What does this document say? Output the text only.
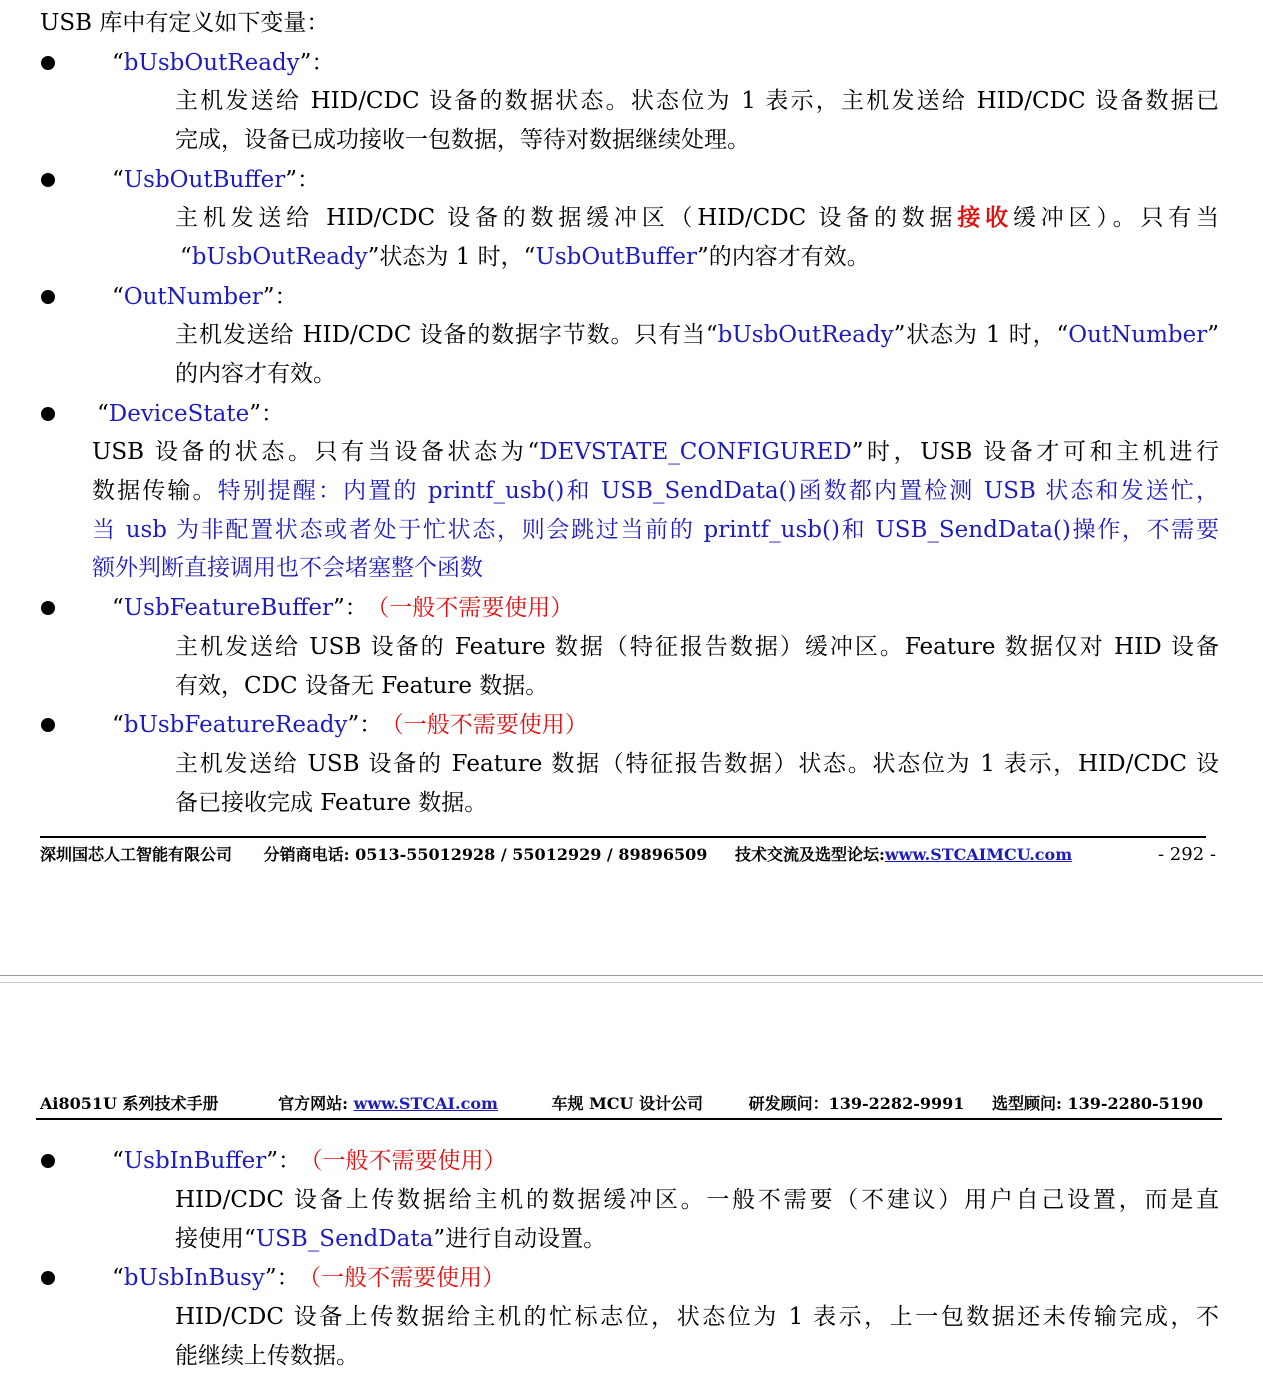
USB 库中有定义如下变量：
“bUsbOutReady”：
主机发送给 HID/CDC 设备的数据状态。状态位为 1 表示，主机发送给 HID/CDC 设备数据已
完成，设备已成功接收一包数据，等待对数据继续处理。
“UsbOutBuffer”：
主机发送给 HID/CDC 设备的数据缓冲区（HID/CDC 设备的数据接收缓冲区）。只有当
“bUsbOutReady”状态为 1 时，“UsbOutBuffer”的内容才有效。
“OutNumber”：
主机发送给 HID/CDC 设备的数据字节数。只有当“bUsbOutReady”状态为 1 时，“OutNumber”
的内容才有效。
“DeviceState”：
USB 设备的状态。只有当设备状态为“DEVSTATE_CONFIGURED”时，USB 设备才可和主机进行
数据传输。特别提醒：内置的 printf_usb()和 USB_SendData()函数都内置检测 USB 状态和发送忙，
当 usb 为非配置状态或者处于忙状态，则会跳过当前的 printf_usb()和 USB_SendData()操作，不需要
额外判断直接调用也不会堵塞整个函数
“UsbFeatureBuffer”： （一般不需要使用）
主机发送给 USB 设备的 Feature 数据（特征报告数据）缓冲区。Feature 数据仅对 HID 设备
有效，CDC 设备无 Feature 数据。
“bUsbFeatureReady”： （一般不需要使用）
主机发送给 USB 设备的 Feature 数据（特征报告数据）状态。状态位为 1 表示，HID/CDC 设
备已接收完成 Feature 数据。
深圳国芯人工智能有限公司 分销商电话: 0513-55012928 / 55012929 / 89896509 技术交流及选型论坛:www.STCAIMCU.com	- 292 -
Ai8051U 系列技术手册	官方网站: www.STCAI.com	车规 MCU 设计公司	研发顾问：139-2282-9991 选型顾问: 139-2280-5190
“UsbInBuffer”： （一般不需要使用）
HID/CDC 设备上传数据给主机的数据缓冲区。一般不需要（不建议）用户自己设置，而是直
接使用“USB_SendData”进行自动设置。
“bUsbInBusy”： （一般不需要使用）
HID/CDC 设备上传数据给主机的忙标志位，状态位为 1 表示，上一包数据还未传输完成，不
能继续上传数据。
